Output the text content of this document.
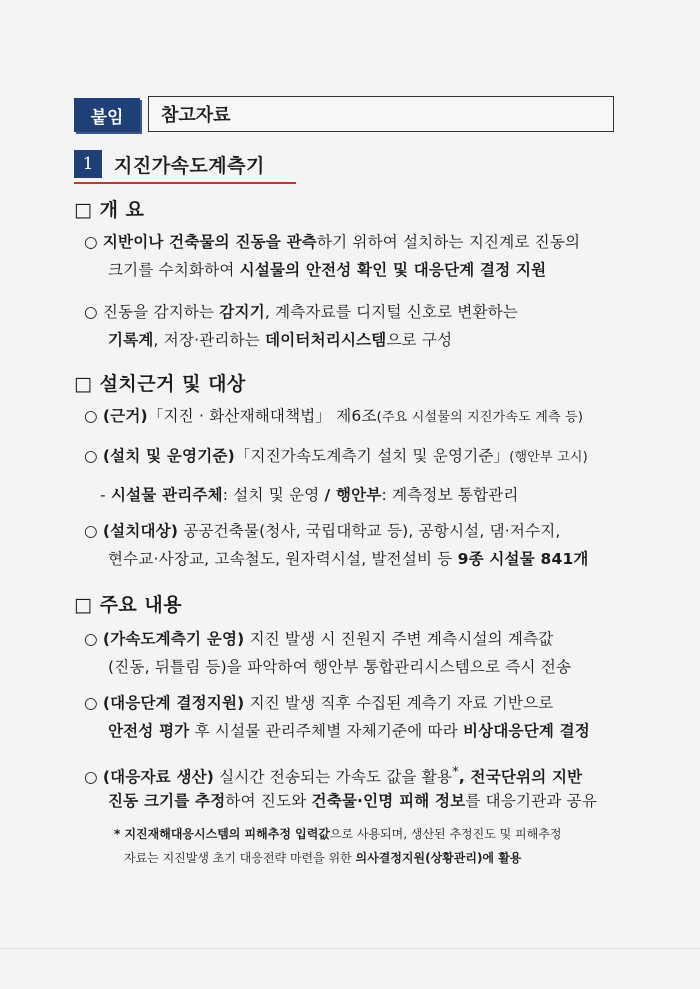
붙임	참고자료
1	지진가속도계측기
□ 개 요
○ 지반이나 건축물의 진동을 관측하기 위하여 설치하는 지진계로 진동의
크기를 수치화하여 시설물의 안전성 확인 및 대응단계 결정 지원
○ 진동을 감지하는 감지기, 계측자료를 디지털 신호로 변환하는
기록계, 저장·관리하는 데이터처리시스템으로 구성
□ 설치근거 및 대상
○ (근거)「지진 · 화산재해대책법」 제6조(주요 시설물의 지진가속도 계측 등)
○ (설치 및 운영기준)「지진가속도계측기 설치 및 운영기준」(행안부 고시)
- 시설물 관리주체: 설치 및 운영 / 행안부: 계측정보 통합관리
○ (설치대상) 공공건축물(청사, 국립대학교 등), 공항시설, 댐·저수지,
현수교·사장교, 고속철도, 원자력시설, 발전설비 등 9종 시설물 841개
□ 주요 내용
○ (가속도계측기 운영) 지진 발생 시 진원지 주변 계측시설의 계측값
(진동, 뒤틀림 등)을 파악하여 행안부 통합관리시스템으로 즉시 전송
○ (대응단계 결정지원) 지진 발생 직후 수집된 계측기 자료 기반으로
안전성 평가 후 시설물 관리주체별 자체기준에 따라 비상대응단계 결정
○ (대응자료 생산) 실시간 전송되는 가속도 값을 활용*, 전국단위의 지반
진동 크기를 추정하여 진도와 건축물·인명 피해 정보를 대응기관과 공유
* 지진재해대응시스템의 피해추정 입력값으로 사용되며, 생산된 추정진도 및 피해추정
자료는 지진발생 초기 대응전략 마련을 위한 의사결정지원(상황관리)에 활용
